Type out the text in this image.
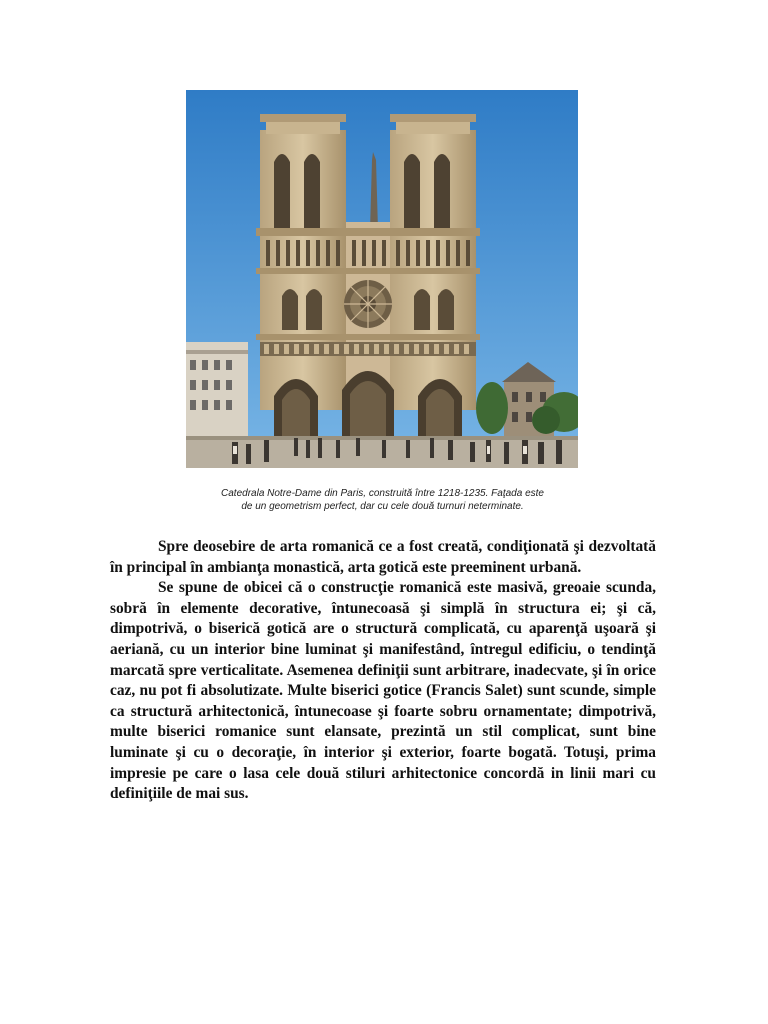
Catedrala Notre-Dame din Paris, construită între 1218-1235. Faţada este
de un geometrism perfect, dar cu cele două turnuri neterminate.

Spre deosebire de arta romanică ce a fost creată, condiţionată şi dezvoltată în principal în ambianţa monastică, arta gotică este preeminent urbană.

Se spune de obicei că o construcţie romanică este masivă, greoaie scunda, sobră în elemente decorative, întunecoasă şi simplă în structura ei; şi că, dimpotrivă, o biserică gotică are o structură complicată, cu aparenţă uşoară şi aeriană, cu un interior bine luminat şi manifestând, întregul edificiu, o tendinţă marcată spre verticalitate. Asemenea definiţii sunt arbitrare, inadecvate, şi în orice caz, nu pot fi absolutizate. Multe biserici gotice (Francis Salet) sunt scunde, simple ca structură arhitectonică, întunecoase şi foarte sobru ornamentate; dimpotrivă, multe biserici romanice sunt elansate, prezintă un stil complicat, sunt bine luminate şi cu o decoraţie, în interior şi exterior, foarte bogată. Totuşi, prima impresie pe care o lasa cele două stiluri arhitectonice concordă in linii mari cu definiţiile de mai sus.
